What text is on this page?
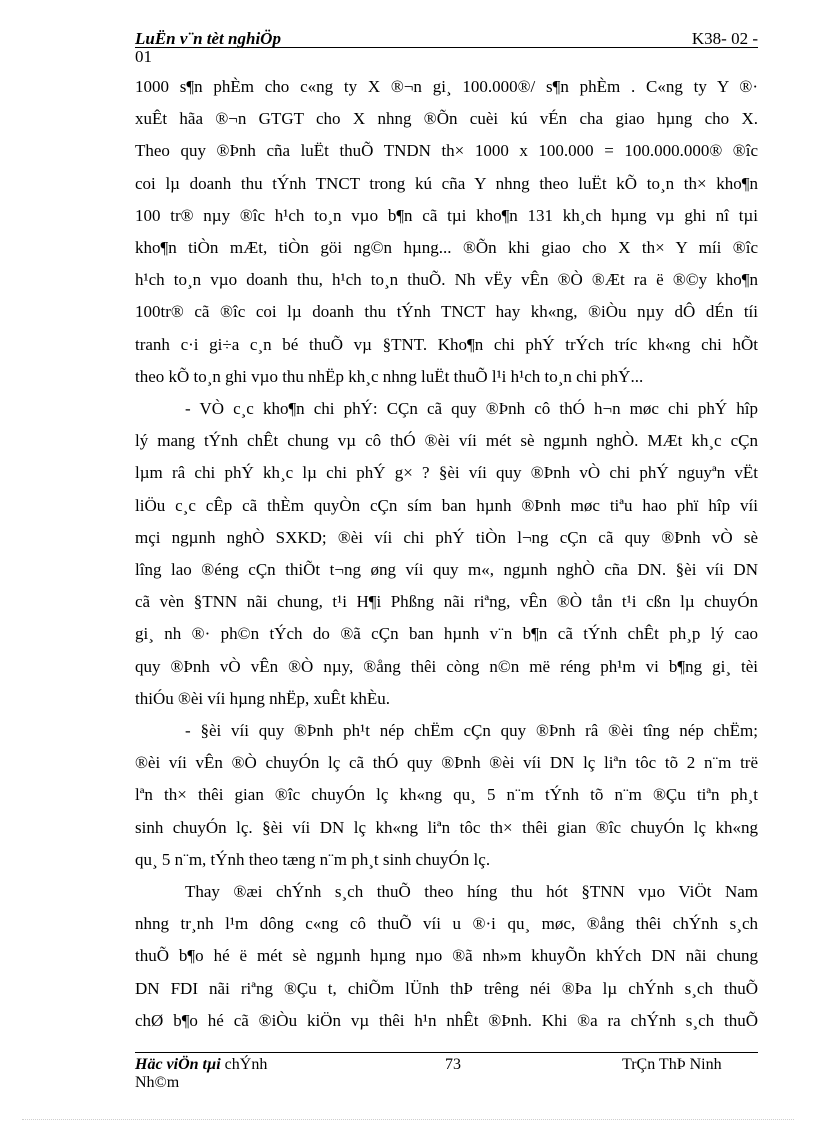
LuËn v¨n tèt nghiÖp	K38- 02 -
01

1000 s¶n phÈm cho c«ng ty X ®¬n gi¸ 100.000®/ s¶n phÈm . C«ng ty Y ®·

xuÊt hãa ®¬n GTGT cho X nhng ®Õn cuèi kú vÉn cha giao hµng cho X.

Theo quy ®Þnh cña luËt thuÕ TNDN th× 1000 x 100.000 = 100.000.000® ®îc

coi lµ doanh thu tÝnh TNCT trong kú cña Y nhng theo luËt kÕ to¸n th× kho¶n

100 tr® nµy ®îc h¹ch to¸n vµo b¶n cã tµi kho¶n 131 kh¸ch hµng vµ ghi nî tµi

kho¶n tiÒn mÆt, tiÒn göi ng©n hµng... ®Õn khi giao cho X th× Y míi ®îc

h¹ch to¸n vµo doanh thu, h¹ch to¸n thuÕ. Nh vËy vÊn ®Ò ®Æt ra ë ®©y kho¶n

100tr® cã ®îc coi lµ doanh thu tÝnh TNCT hay kh«ng, ®iÒu nµy dÔ dÉn tíi

tranh c·i gi÷a c¸n bé thuÕ vµ §TNT. Kho¶n chi phÝ trÝch tríc kh«ng chi hÕt

theo kÕ to¸n ghi vµo thu nhËp kh¸c nhng luËt thuÕ l¹i h¹ch to¸n chi phÝ...

- VÒ c¸c kho¶n chi phÝ: CÇn cã quy ®Þnh cô thÓ h¬n møc chi phÝ hîp

lý mang tÝnh chÊt chung vµ cô thÓ ®èi víi mét sè ngµnh nghÒ. MÆt kh¸c cÇn

lµm râ chi phÝ kh¸c lµ chi phÝ g× ? §èi víi quy ®Þnh vÒ chi phÝ nguyªn vËt

liÖu c¸c cÊp cã thÈm quyÒn cÇn sím ban hµnh ®Þnh møc tiªu hao phï hîp víi

mçi ngµnh nghÒ SXKD; ®èi víi chi phÝ tiÒn l¬ng cÇn cã quy ®Þnh vÒ sè

lîng lao ®éng cÇn thiÕt t¬ng øng víi quy m«, ngµnh nghÒ cña DN. §èi víi DN

cã vèn §TNN nãi chung, t¹i H¶i Phßng nãi riªng, vÊn ®Ò tån t¹i cßn lµ chuyÓn

gi¸ nh ®· ph©n tÝch do ®ã cÇn ban hµnh v¨n b¶n cã tÝnh chÊt ph¸p lý cao

quy ®Þnh vÒ vÊn ®Ò nµy, ®ång thêi còng n©n më réng ph¹m vi b¶ng gi¸ tèi

thiÓu ®èi víi hµng nhËp, xuÊt khÈu.

- §èi víi quy ®Þnh ph¹t nép chËm cÇn quy ®Þnh râ ®èi tîng nép chËm;

®èi víi vÊn ®Ò chuyÓn lç cã thÓ quy ®Þnh ®èi víi DN lç liªn tôc tõ 2 n¨m trë

lªn th× thêi gian ®îc chuyÓn lç kh«ng qu¸ 5 n¨m tÝnh tõ n¨m ®Çu tiªn ph¸t

sinh chuyÓn lç. §èi víi DN lç kh«ng liªn tôc th× thêi gian ®îc chuyÓn lç kh«ng

qu¸ 5 n¨m, tÝnh theo tæng n¨m ph¸t sinh chuyÓn lç.

Thay ®æi chÝnh s¸ch thuÕ theo híng thu hót §TNN vµo ViÖt Nam

nhng tr¸nh l¹m dông c«ng cô thuÕ víi u ®·i qu¸ møc, ®ång thêi chÝnh s¸ch

thuÕ b¶o hé ë mét sè ngµnh hµng nµo ®ã nh»m khuyÕn khÝch DN nãi chung

DN FDI nãi riªng ®Çu t, chiÕm lÜnh thÞ trêng néi ®Þa lµ chÝnh s¸ch thuÕ

chØ b¶o hé cã ®iÒu kiÖn vµ thêi h¹n nhÊt ®Þnh. Khi ®a ra chÝnh s¸ch thuÕ

Häc viÖn tµi chÝnh
Nh©m
73	TrÇn ThÞ Ninh
